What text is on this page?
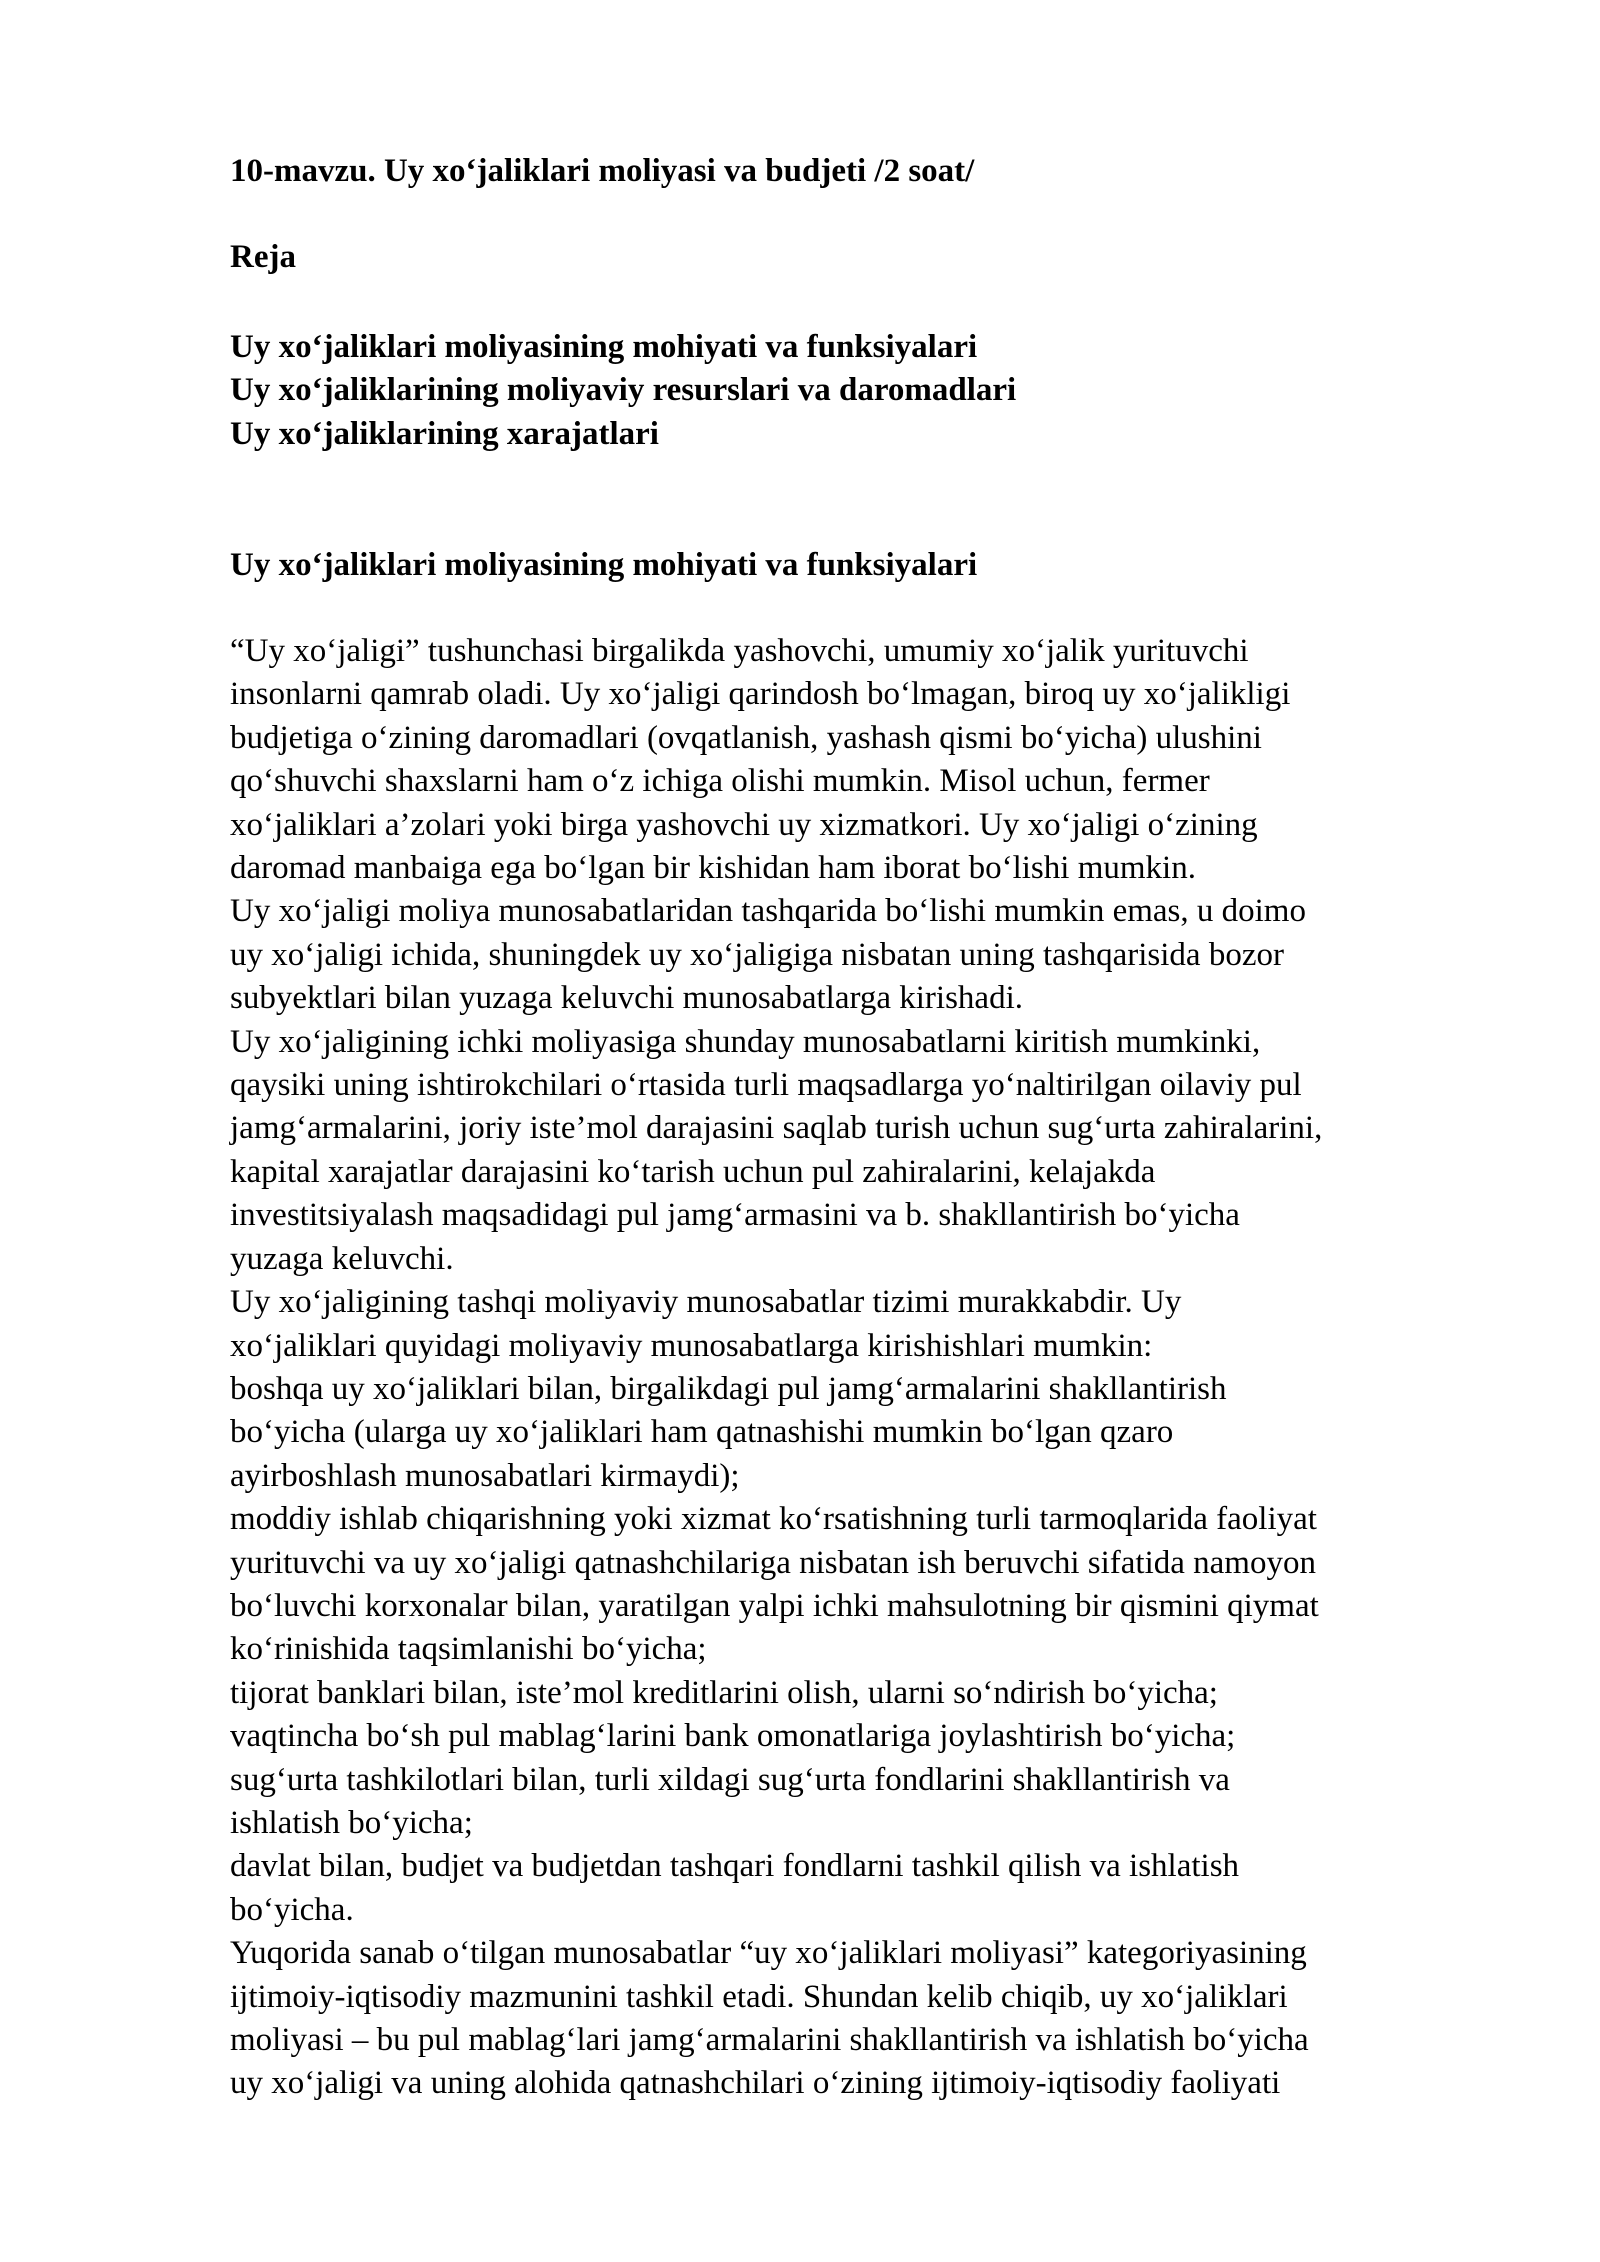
10-mavzu. Uy xo‘jaliklari moliyasi va budjeti /2 soat/
Reja
Uy xo‘jaliklari moliyasining mohiyati va funksiyalari
Uy xo‘jaliklarining moliyaviy resurslari va daromadlari
Uy xo‘jaliklarining xarajatlari
Uy xo‘jaliklari moliyasining mohiyati va funksiyalari
“Uy xo‘jaligi” tushunchasi birgalikda yashovchi, umumiy xo‘jalik yurituvchi
insonlarni qamrab oladi. Uy xo‘jaligi qarindosh bo‘lmagan, biroq uy xo‘jalikligi
budjetiga o‘zining daromadlari (ovqatlanish, yashash qismi bo‘yicha) ulushini
qo‘shuvchi shaxslarni ham o‘z ichiga olishi mumkin. Misol uchun, fermer
xo‘jaliklari a’zolari yoki birga yashovchi uy xizmatkori. Uy xo‘jaligi o‘zining
daromad manbaiga ega bo‘lgan bir kishidan ham iborat bo‘lishi mumkin.
Uy xo‘jaligi moliya munosabatlaridan tashqarida bo‘lishi mumkin emas, u doimo
uy xo‘jaligi ichida, shuningdek uy xo‘jaligiga nisbatan uning tashqarisida bozor
subyektlari bilan yuzaga keluvchi munosabatlarga kirishadi.
Uy xo‘jaligining ichki moliyasiga shunday munosabatlarni kiritish mumkinki,
qaysiki uning ishtirokchilari o‘rtasida turli maqsadlarga yo‘naltirilgan oilaviy pul
jamg‘armalarini, joriy iste’mol darajasini saqlab turish uchun sug‘urta zahiralarini,
kapital xarajatlar darajasini ko‘tarish uchun pul zahiralarini, kelajakda
investitsiyalash maqsadidagi pul jamg‘armasini va b. shakllantirish bo‘yicha
yuzaga keluvchi.
Uy xo‘jaligining tashqi moliyaviy munosabatlar tizimi murakkabdir. Uy
xo‘jaliklari quyidagi moliyaviy munosabatlarga kirishishlari mumkin:
boshqa uy xo‘jaliklari bilan, birgalikdagi pul jamg‘armalarini shakllantirish
bo‘yicha (ularga uy xo‘jaliklari ham qatnashishi mumkin bo‘lgan qzaro
ayirboshlash munosabatlari kirmaydi);
moddiy ishlab chiqarishning yoki xizmat ko‘rsatishning turli tarmoqlarida faoliyat
yurituvchi va uy xo‘jaligi qatnashchilariga nisbatan ish beruvchi sifatida namoyon
bo‘luvchi korxonalar bilan, yaratilgan yalpi ichki mahsulotning bir qismini qiymat
ko‘rinishida taqsimlanishi bo‘yicha;
tijorat banklari bilan, iste’mol kreditlarini olish, ularni so‘ndirish bo‘yicha;
vaqtincha bo‘sh pul mablag‘larini bank omonatlariga joylashtirish bo‘yicha;
sug‘urta tashkilotlari bilan, turli xildagi sug‘urta fondlarini shakllantirish va
ishlatish bo‘yicha;
davlat bilan, budjet va budjetdan tashqari fondlarni tashkil qilish va ishlatish
bo‘yicha.
Yuqorida sanab o‘tilgan munosabatlar “uy xo‘jaliklari moliyasi” kategoriyasining
ijtimoiy-iqtisodiy mazmunini tashkil etadi. Shundan kelib chiqib, uy xo‘jaliklari
moliyasi – bu pul mablag‘lari jamg‘armalarini shakllantirish va ishlatish bo‘yicha
uy xo‘jaligi va uning alohida qatnashchilari o‘zining ijtimoiy-iqtisodiy faoliyati
